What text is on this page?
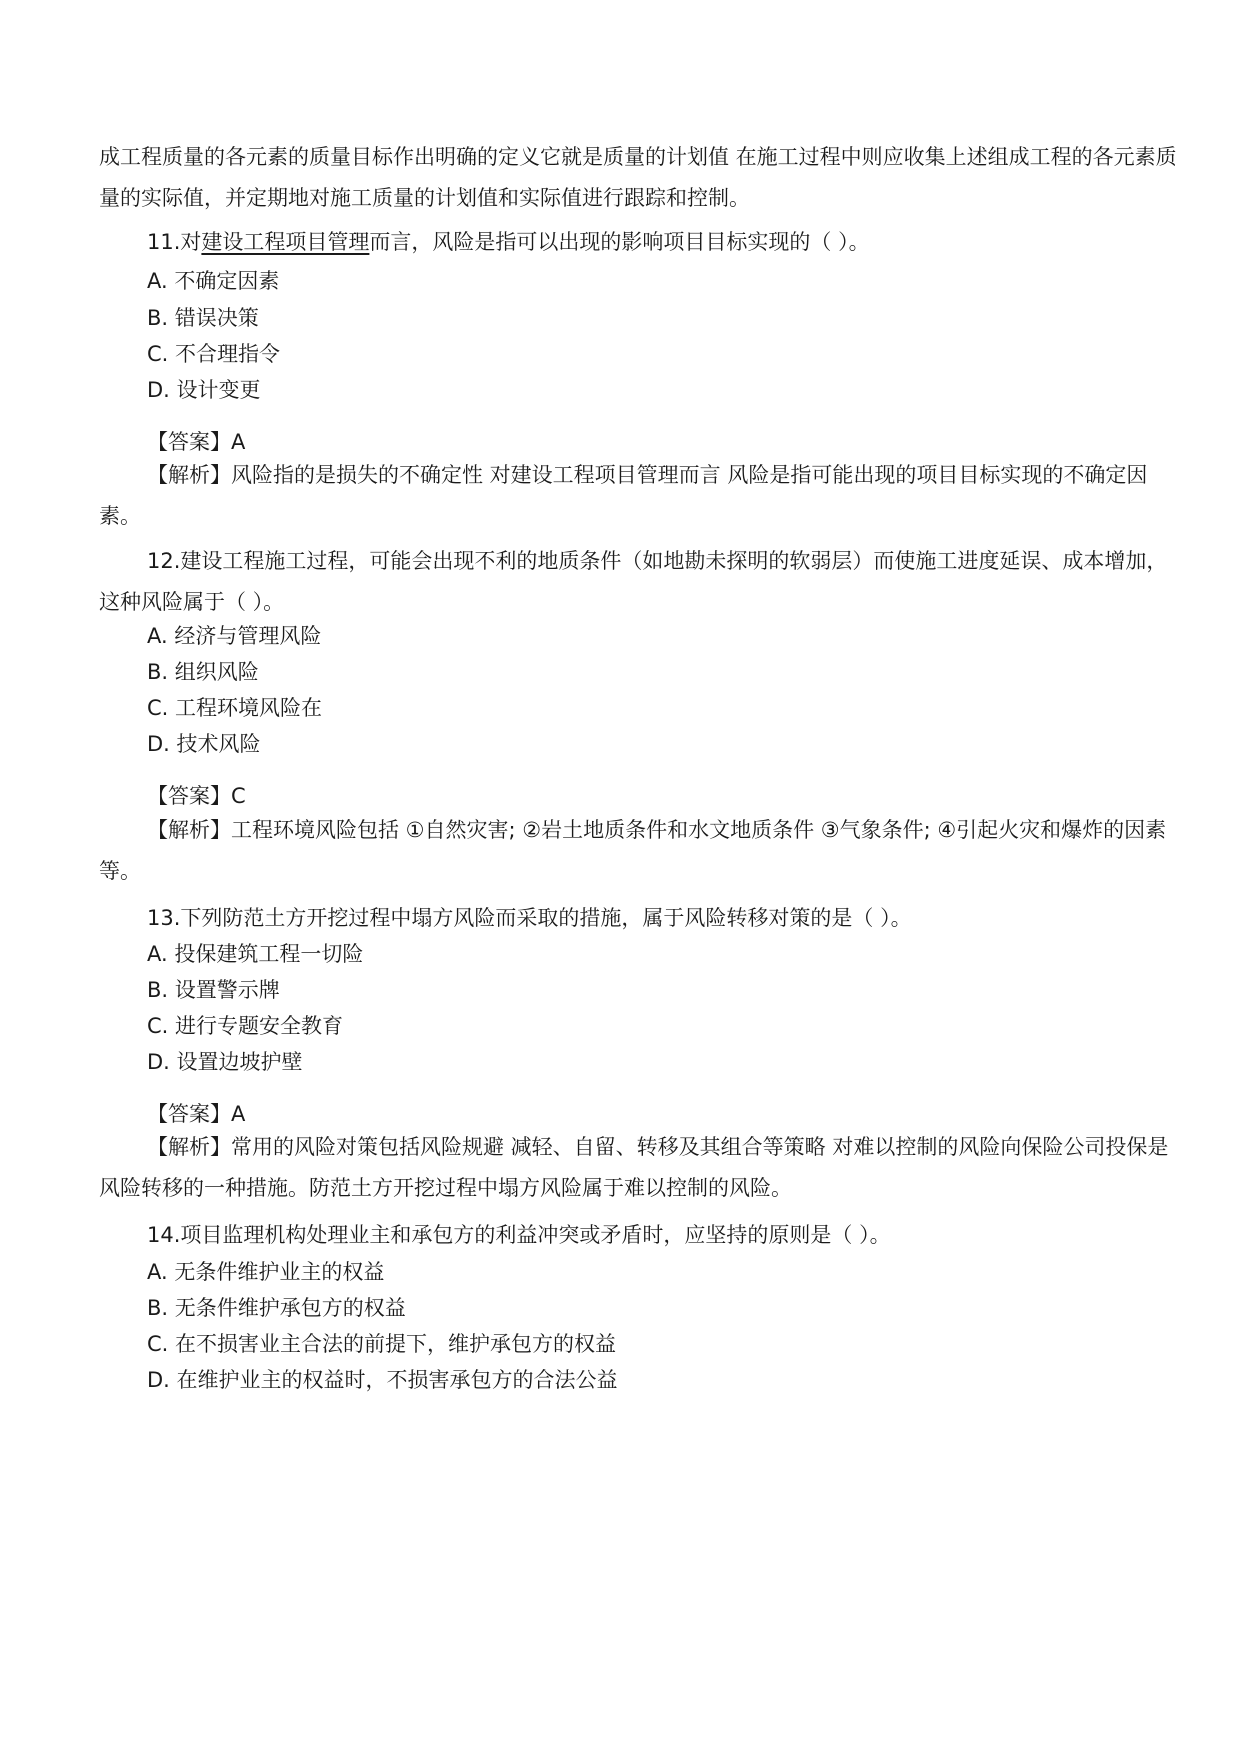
成工程质量的各元素的质量目标作出明确的定义它就是质量的计划值 在施工过程中则应收集上述组成工程的各元素质量的实际值，并定期地对施工质量的计划值和实际值进行跟踪和控制。

11.对建设工程项目管理而言，风险是指可以出现的影响项目目标实现的（ ）。

A. 不确定因素

B. 错误决策

C. 不合理指令

D. 设计变更

【答案】A

【解析】风险指的是损失的不确定性 对建设工程项目管理而言 风险是指可能出现的项目目标实现的不确定因素。

12.建设工程施工过程，可能会出现不利的地质条件（如地勘未探明的软弱层）而使施工进度延误、成本增加，这种风险属于（ ）。

A. 经济与管理风险

B. 组织风险

C. 工程环境风险在

D. 技术风险

【答案】C

【解析】工程环境风险包括 ①自然灾害; ②岩土地质条件和水文地质条件 ③气象条件; ④引起火灾和爆炸的因素等。

13.下列防范土方开挖过程中塌方风险而采取的措施，属于风险转移对策的是（ ）。

A. 投保建筑工程一切险

B. 设置警示牌

C. 进行专题安全教育

D. 设置边坡护壁

【答案】A

【解析】常用的风险对策包括风险规避 减轻、自留、转移及其组合等策略 对难以控制的风险向保险公司投保是风险转移的一种措施。防范土方开挖过程中塌方风险属于难以控制的风险。

14.项目监理机构处理业主和承包方的利益冲突或矛盾时，应坚持的原则是（ ）。

A. 无条件维护业主的权益

B. 无条件维护承包方的权益

C. 在不损害业主合法的前提下，维护承包方的权益

D. 在维护业主的权益时，不损害承包方的合法公益
